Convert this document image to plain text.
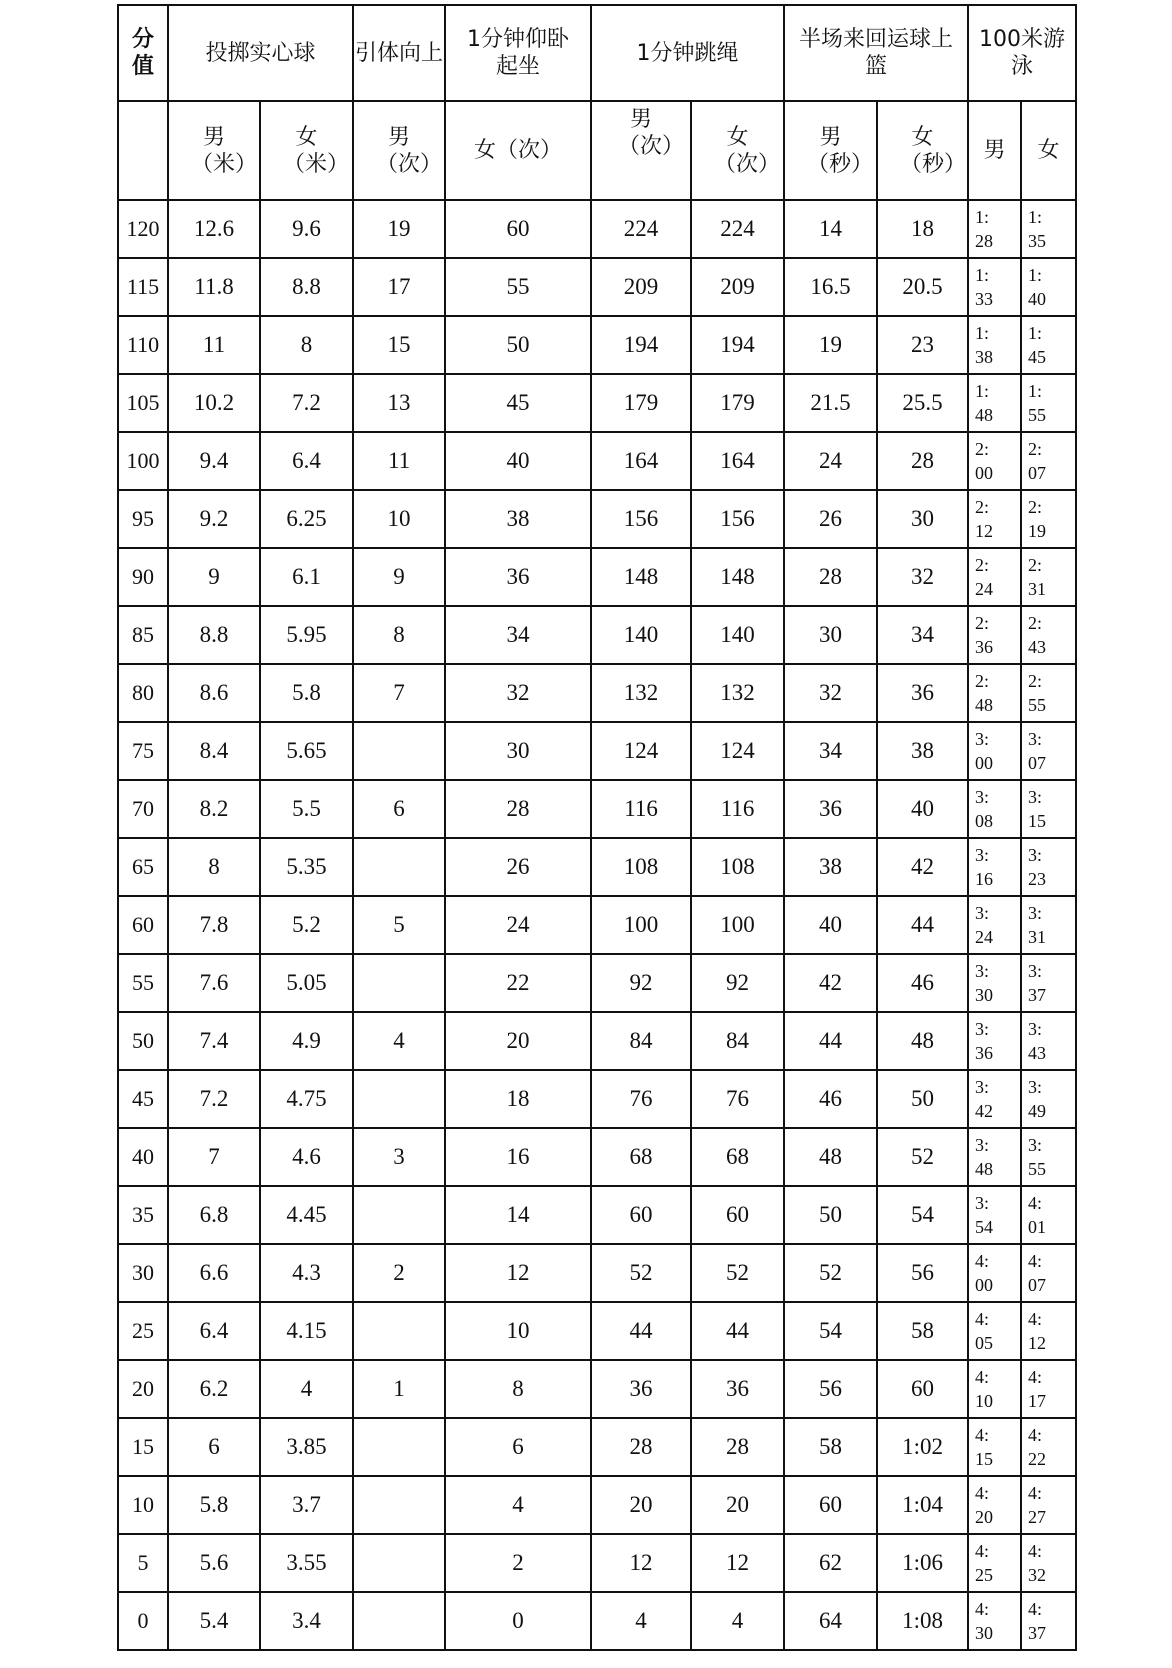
分值	投掷实心球		引体向上	1分钟仰卧起坐	1分钟跳绳		半场来回运球上篮		100米游泳	
	男（米）	女（米）	男（次）	女（次）	男（次）	女（次）	男（秒）	女（秒）	男	女
120	12.6	9.6	19	60	224	224	14	18	1:28	1:35
115	11.8	8.8	17	55	209	209	16.5	20.5	1:33	1:40
110	11	8	15	50	194	194	19	23	1:38	1:45
105	10.2	7.2	13	45	179	179	21.5	25.5	1:48	1:55
100	9.4	6.4	11	40	164	164	24	28	2:00	2:07
95	9.2	6.25	10	38	156	156	26	30	2:12	2:19
90	9	6.1	9	36	148	148	28	32	2:24	2:31
85	8.8	5.95	8	34	140	140	30	34	2:36	2:43
80	8.6	5.8	7	32	132	132	32	36	2:48	2:55
75	8.4	5.65		30	124	124	34	38	3:00	3:07
70	8.2	5.5	6	28	116	116	36	40	3:08	3:15
65	8	5.35		26	108	108	38	42	3:16	3:23
60	7.8	5.2	5	24	100	100	40	44	3:24	3:31
55	7.6	5.05		22	92	92	42	46	3:30	3:37
50	7.4	4.9	4	20	84	84	44	48	3:36	3:43
45	7.2	4.75		18	76	76	46	50	3:42	3:49
40	7	4.6	3	16	68	68	48	52	3:48	3:55
35	6.8	4.45		14	60	60	50	54	3:54	4:01
30	6.6	4.3	2	12	52	52	52	56	4:00	4:07
25	6.4	4.15		10	44	44	54	58	4:05	4:12
20	6.2	4	1	8	36	36	56	60	4:10	4:17
15	6	3.85		6	28	28	58	1:02	4:15	4:22
10	5.8	3.7		4	20	20	60	1:04	4:20	4:27
5	5.6	3.55		2	12	12	62	1:06	4:25	4:32
0	5.4	3.4		0	4	4	64	1:08	4:30	4:37
